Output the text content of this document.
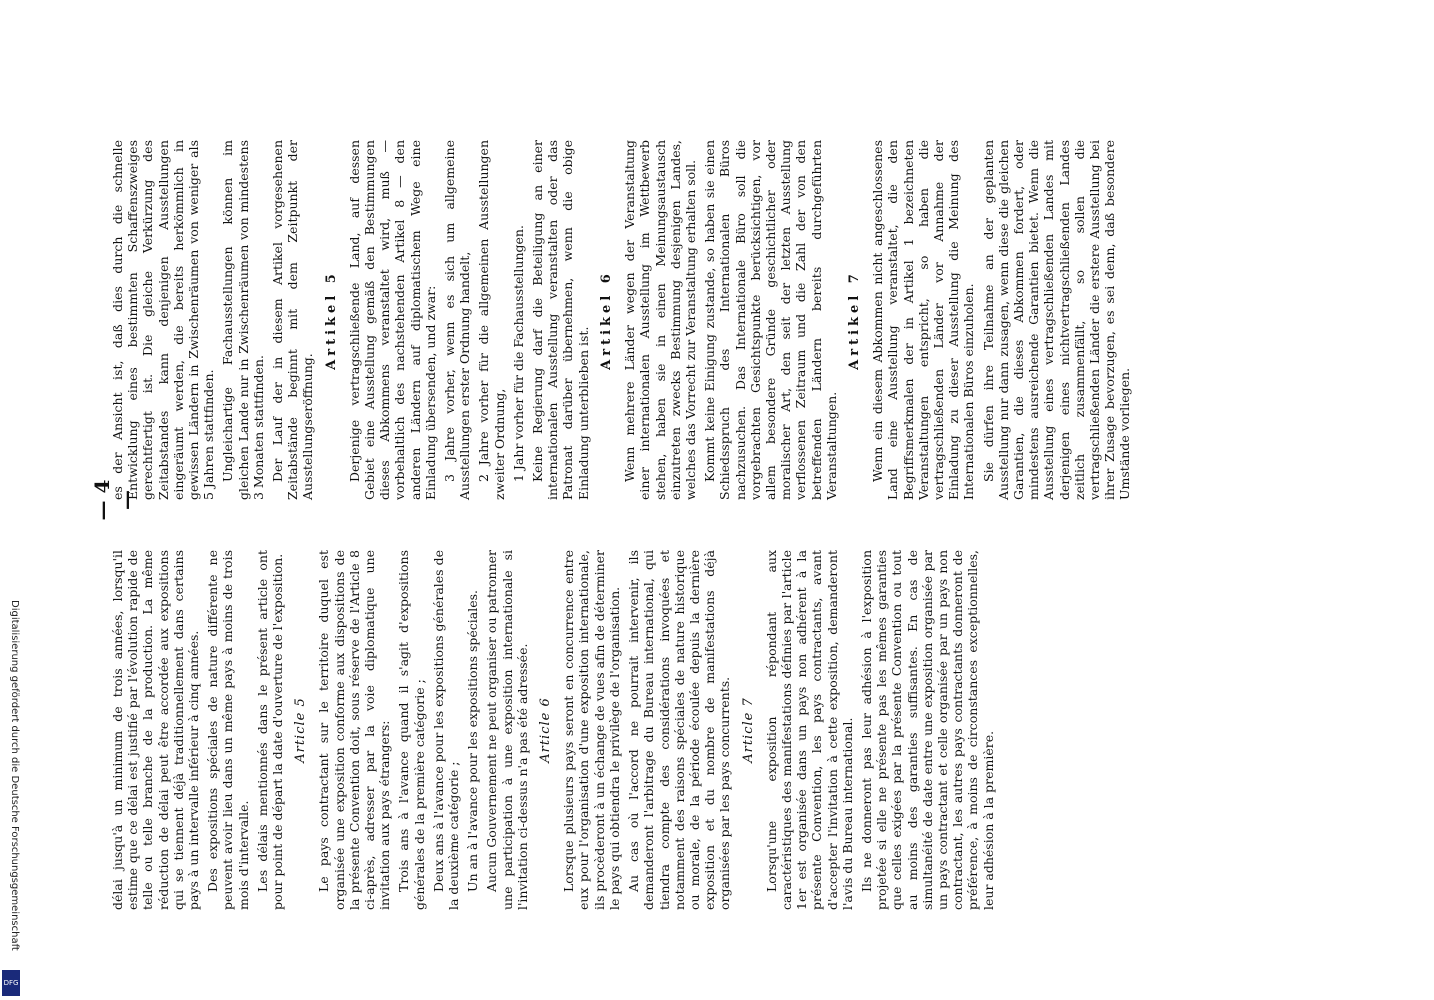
— 4 —

délai jusqu'à un minimum de trois années, lorsqu'il estime que ce délai est justifié par l'évolution rapide de telle ou telle branche de la production. La même réduction de délai peut être accordée aux expositions qui se tiennent déjà traditionnellement dans certains pays à un intervalle inférieur à cinq années. Des expositions spéciales de nature différente ne peuvent avoir lieu dans un même pays à moins de trois mois d'intervalle. Les délais mentionnés dans le présent article ont pour point de départ la date d'ouverture de l'exposition. Article 5 Le pays contractant sur le territoire duquel est organisée une exposition conforme aux dispositions de la présente Convention doit, sous réserve de l'Article 8 ci-après, adresser par la voie diplomatique une invitation aux pays étrangers: Trois ans à l'avance quand il s'agit d'expositions générales de la première catégorie ; Deux ans à l'avance pour les expositions générales de la deuxième catégorie ; Un an à l'avance pour les expositions spéciales. Aucun Gouvernement ne peut organiser ou patronner une participation à une exposition internationale si l'invitation ci-dessus n'a pas été adressée. Article 6 Lorsque plusieurs pays seront en concurrence entre eux pour l'organisation d'une exposition internationale, ils procèderont à un échange de vues afin de déterminer le pays qui obtiendra le privilège de l'organisation. Au cas où l'accord ne pourrait intervenir, ils demanderont l'arbitrage du Bureau international, qui tiendra compte des considérations invoquées et notamment des raisons spéciales de nature historique ou morale, de la période écoulée depuis la dernière exposition et du nombre de manifestations déjà organisées par les pays concurrents. Article 7 Lorsqu'une exposition répondant aux caractéristiques des manifestations définies par l'article 1er est organisée dans un pays non adhérent à la présente Convention, les pays contractants, avant d'accepter l'invitation à cette exposition, demanderont l'avis du Bureau international. Ils ne donneront pas leur adhésion à l'exposition projetée si elle ne présente pas les mêmes garanties que celles exigées par la présente Convention ou tout au moins des garanties suffisantes. En cas de simultanéité de date entre une exposition organisée par un pays contractant et celle organisée par un pays non contractant, les autres pays contractants donneront de préférence, à moins de circonstances exceptionnelles, leur adhésion à la première.

es der Ansicht ist, daß dies durch die schnelle Entwicklung eines bestimmten Schaffenszweiges gerechtfertigt ist. Die gleiche Verkürzung des Zeitabstandes kann denjenigen Ausstellungen eingeräumt werden, die bereits herkömmlich in gewissen Ländern in Zwischenräumen von weniger als 5 Jahren stattfinden. Ungleichartige Fachausstellungen können im gleichen Lande nur in Zwischenräumen von mindestens 3 Monaten stattfinden. Der Lauf der in diesem Artikel vorgesehenen Zeitabstände beginnt mit dem Zeitpunkt der Ausstellungseröffnung.

Artikel 5 Derjenige vertragschließende Land, auf dessen Gebiet eine Ausstellung gemäß den Bestimmungen dieses Abkommens veranstaltet wird, muß — vorbehaltlich des nachstehenden Artikel 8 — den anderen Ländern auf diplomatischem Wege eine Einladung übersenden, und zwar: 3 Jahre vorher, wenn es sich um allgemeine Ausstellungen erster Ordnung handelt, 2 Jahre vorher für die allgemeinen Ausstellungen zweiter Ordnung, 1 Jahr vorher für die Fachausstellungen. Keine Regierung darf die Beteiligung an einer internationalen Ausstellung veranstalten oder das Patronat darüber übernehmen, wenn die obige Einladung unterblieben ist.

Artikel 6 Wenn mehrere Länder wegen der Veranstaltung einer internationalen Ausstellung im Wettbewerb stehen, haben sie in einen Meinungsaustausch einzutreten zwecks Bestimmung desjenigen Landes, welches das Vorrecht zur Veranstaltung erhalten soll. Kommt keine Einigung zustande, so haben sie einen Schiedsspruch des Internationalen Büros nachzusuchen. Das Internationale Büro soll die vorgebrachten Gesichtspunkte berücksichtigen, vor allem besondere Gründe geschichtlicher oder moralischer Art, den seit der letzten Ausstellung verflossenen Zeitraum und die Zahl der von den betreffenden Ländern bereits durchgeführten Veranstaltungen.

Artikel 7 Wenn ein diesem Abkommen nicht angeschlossenes Land eine Ausstellung veranstaltet, die den Begriffsmerkmalen der in Artikel 1 bezeichneten Veranstaltungen entspricht, so haben die vertragschließenden Länder vor Annahme der Einladung zu dieser Ausstellung die Meinung des Internationalen Büros einzuholen. Sie dürfen ihre Teilnahme an der geplanten Ausstellung nur dann zusagen, wenn diese die gleichen Garantien, die dieses Abkommen fordert, oder mindestens ausreichende Garantien bietet. Wenn die Ausstellung eines vertragschließenden Landes mit derjenigen eines nichtvertragschließenden Landes zeitlich zusammenfällt, so sollen die vertragschließenden Länder die erstere Ausstellung bei ihrer Zusage bevorzugen, es sei denn, daß besondere Umstände vorliegen.

Digitalisierung gefördert durch die Deutsche Forschungsgemeinschaft
DFG
